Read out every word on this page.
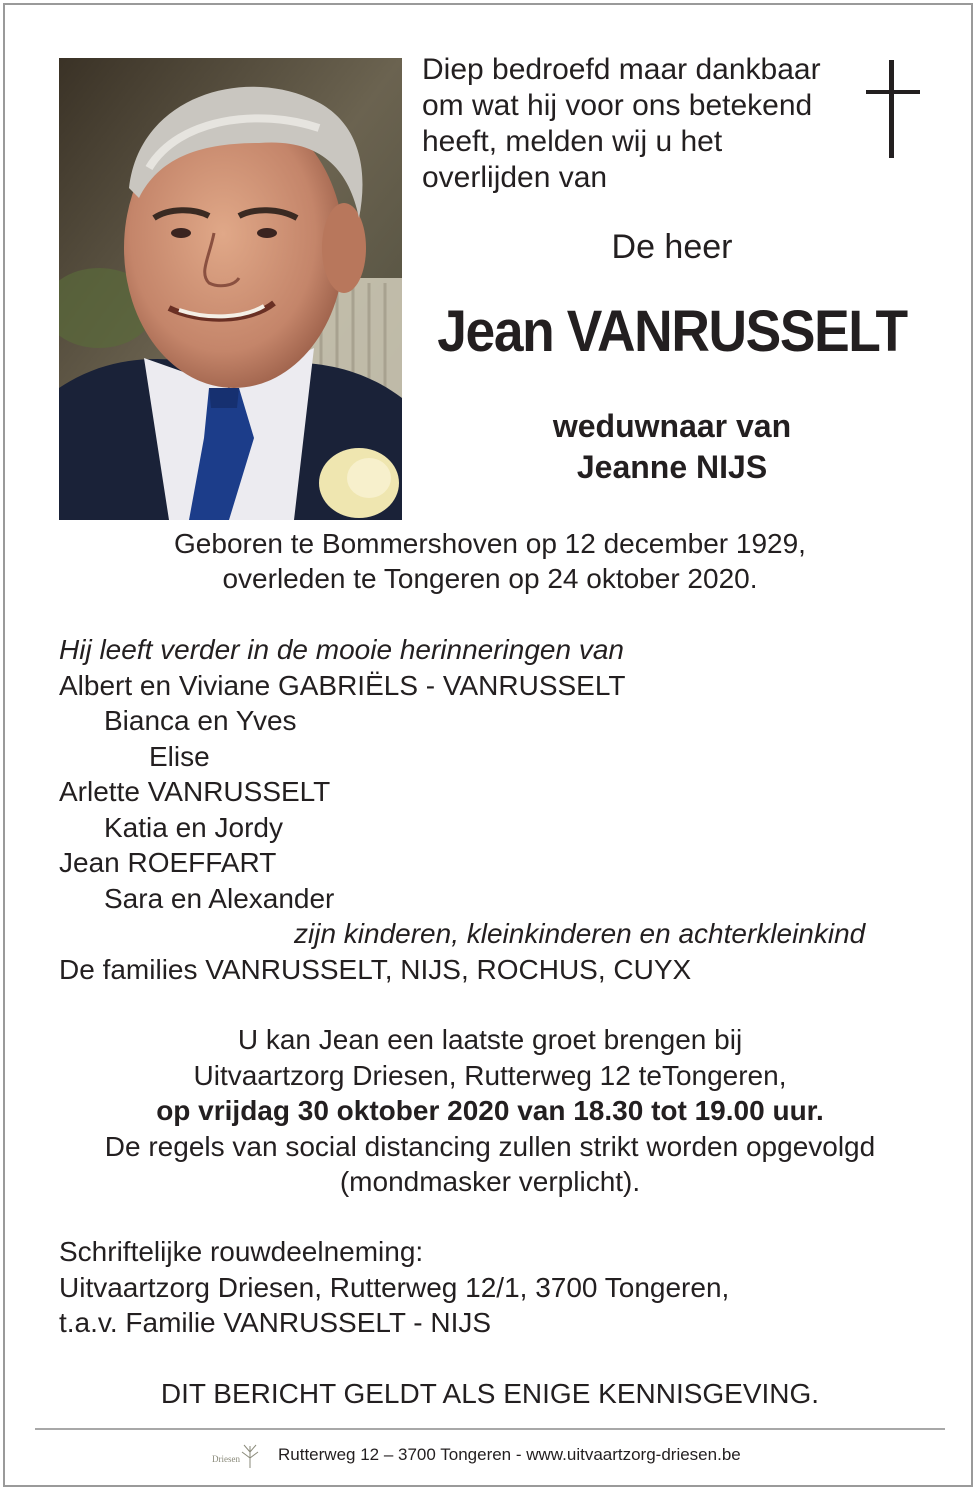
Diep bedroefd maar dankbaar
om wat hij voor ons betekend
heeft, melden wij u het
overlijden van
De heer
Jean VANRUSSELT
weduwnaar van
Jeanne NIJS
Geboren te Bommershoven op 12 december 1929,
overleden te Tongeren op 24 oktober 2020.
Hij leeft verder in de mooie herinneringen van
Albert en Viviane GABRIËLS - VANRUSSELT
Bianca en Yves
Elise
Arlette VANRUSSELT
Katia en Jordy
Jean ROEFFART
Sara en Alexander
zijn kinderen, kleinkinderen en achterkleinkind
De families VANRUSSELT, NIJS, ROCHUS, CUYX
U kan Jean een laatste groet brengen bij
Uitvaartzorg Driesen, Rutterweg 12 teTongeren,
op vrijdag 30 oktober 2020 van 18.30 tot 19.00 uur.
De regels van social distancing zullen strikt worden opgevolgd
(mondmasker verplicht).
Schriftelijke rouwdeelneming:
Uitvaartzorg Driesen, Rutterweg 12/1, 3700 Tongeren,
t.a.v. Familie VANRUSSELT - NIJS
DIT BERICHT GELDT ALS ENIGE KENNISGEVING.
Driesen Rutterweg 12 – 3700 Tongeren - www.uitvaartzorg-driesen.be
